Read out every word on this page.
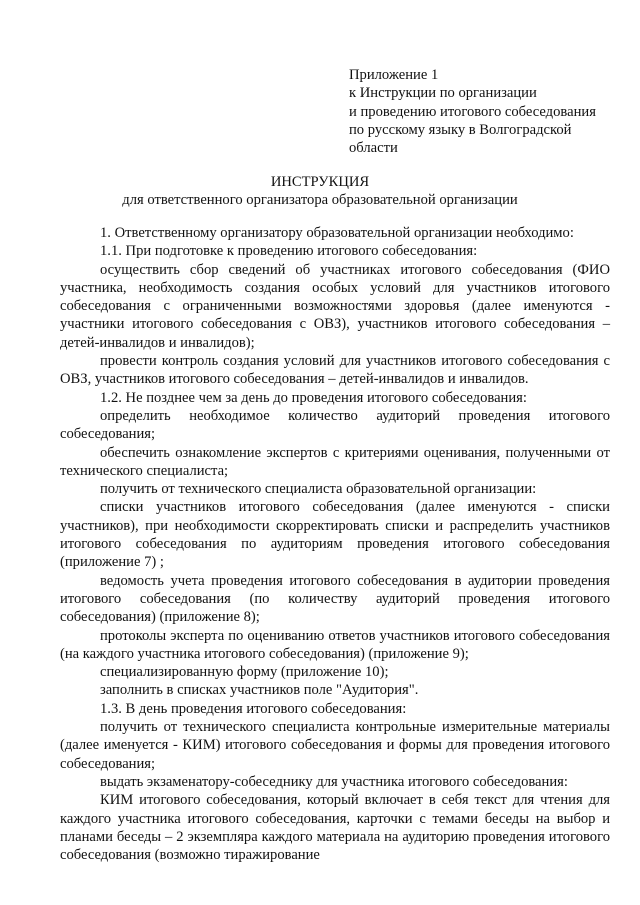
Приложение 1
к Инструкции по организации
и проведению итогового собеседования
по русскому языку в Волгоградской
области
ИНСТРУКЦИЯ
для ответственного организатора образовательной организации

1. Ответственному организатору образовательной организации необходимо:

1.1. При подготовке к проведению итогового собеседования:

осуществить сбор сведений об участниках итогового собеседования (ФИО участника, необходимость создания особых условий для участников итогового собеседования с ограниченными возможностями здоровья (далее именуются - участники итогового собеседования с ОВЗ), участников итогового собеседования – детей-инвалидов и инвалидов);

провести контроль создания условий для участников итогового собеседования с ОВЗ, участников итогового собеседования – детей-инвалидов и инвалидов.

1.2. Не позднее чем за день до проведения итогового собеседования:

определить необходимое количество аудиторий проведения итогового собеседования;

обеспечить ознакомление экспертов с критериями оценивания, полученными от технического специалиста;

получить от технического специалиста образовательной организации:

списки участников итогового собеседования (далее именуются - списки участников), при необходимости скорректировать списки и распределить участников итогового собеседования по аудиториям проведения итогового собеседования (приложение 7) ;

ведомость учета проведения итогового собеседования в аудитории проведения итогового собеседования (по количеству аудиторий проведения итогового собеседования) (приложение 8);

протоколы эксперта по оцениванию ответов участников итогового собеседования (на каждого участника итогового собеседования) (приложение 9);

специализированную форму (приложение 10);

заполнить в списках участников поле "Аудитория".

1.3. В день проведения итогового собеседования:

получить от технического специалиста контрольные измерительные материалы (далее именуется - КИМ) итогового собеседования и формы для проведения итогового собеседования;

выдать экзаменатору-собеседнику для участника итогового собеседования:

КИМ итогового собеседования, который включает в себя текст для чтения для каждого участника итогового собеседования, карточки с темами беседы на выбор и планами беседы – 2 экземпляра каждого материала на аудиторию проведения итогового собеседования (возможно тиражирование
